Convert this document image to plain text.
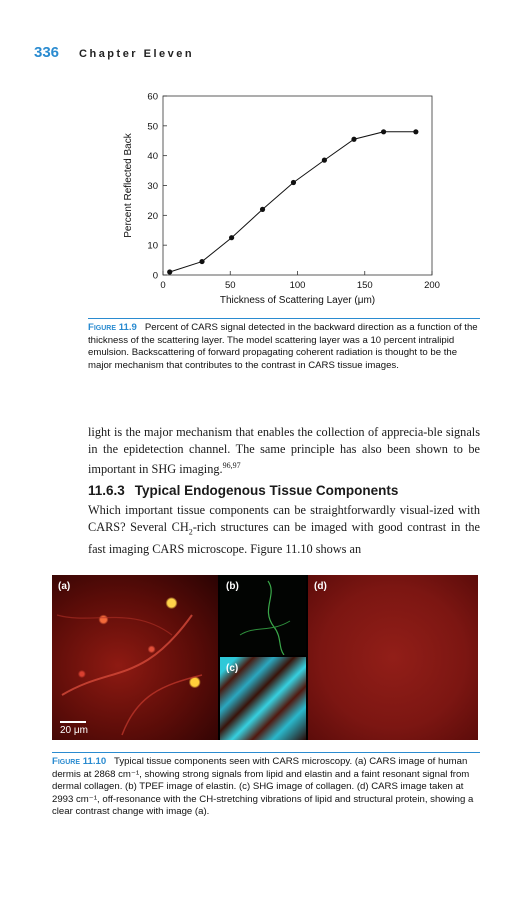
336 Chapter Eleven
0
10
20
30
40
50
60
0	50	100	150	200
Thickness of Scattering Layer (μm)
Percent Reflected Back
Figure 11.9 Percent of CARS signal detected in the backward direction as a function of the thickness of the scattering layer. The model scattering layer was a 10 percent intralipid emulsion. Backscattering of forward propagating coherent radiation is thought to be the major mechanism that contributes to the contrast in CARS tissue images.
light is the major mechanism that enables the collection of apprecia-ble signals in the epidetection channel. The same principle has also been shown to be important in SHG imaging.$^{96,97}$
11.6.3 Typical Endogenous Tissue Components
Which important tissue components can be straightforwardly visual-ized with CARS? Several $CH_2$-rich structures can be imaged with good contrast in the fast imaging CARS microscope. Figure 11.10 shows an
(a)
20 μm
(b)
(c)
(d)
Figure 11.10 Typical tissue components seen with CARS microscopy. (a) CARS image of human dermis at 2868 cm⁻¹, showing strong signals from lipid and elastin and a faint resonant signal from dermal collagen. (b) TPEF image of elastin. (c) SHG image of collagen. (d) CARS image taken at 2993 cm⁻¹, off-resonance with the CH-stretching vibrations of lipid and structural protein, showing a clear contrast change with image (a).
